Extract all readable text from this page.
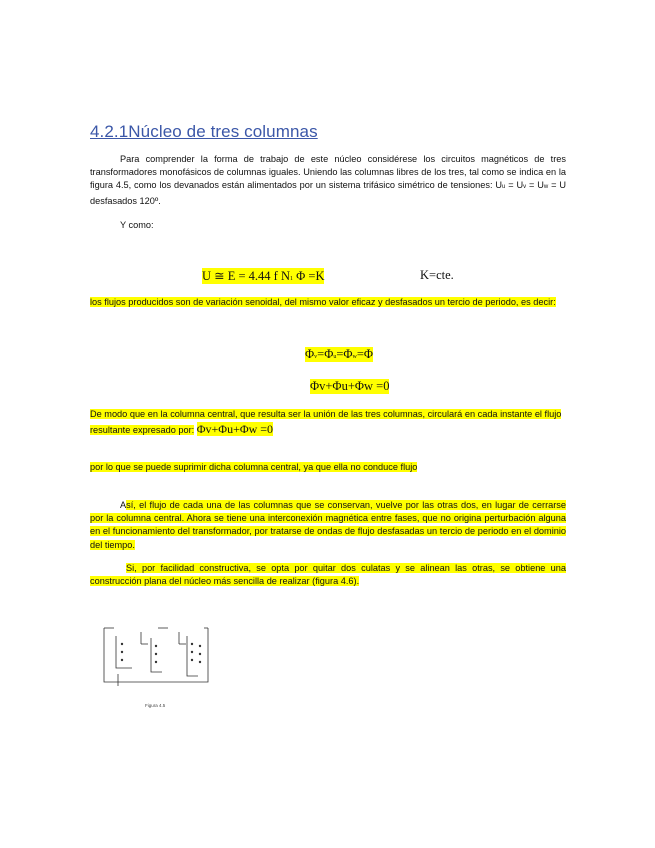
4.2.1Núcleo de tres columnas
Para comprender la forma de trabajo de este núcleo considérese los circuitos magnéticos de tres transformadores monofásicos de columnas iguales. Uniendo las columnas libres de los tres, tal como se indica en la figura 4.5, como los devanados están alimentados por un sistema trifásico simétrico de tensiones: Uu = Uv = Uw = U desfasados 120º.
Y como:
U ≅ E = 4.44 f N1 Φ =K	K=cte.
los flujos producidos son de variación senoidal, del mismo valor eficaz y desfasados un tercio de periodo, es decir:
Φv=Φu=Φw=Φ
Φv+Φu+Φw =0
De modo que en la columna central, que resulta ser la unión de las tres columnas, circulará en cada instante el flujo resultante expresado por: Φv+Φu+Φw =0
por lo que se puede suprimir dicha columna central, ya que ella no conduce flujo
Así, el flujo de cada una de las columnas que se conservan, vuelve por las otras dos, en lugar de cerrarse por la columna central. Ahora se tiene una interconexión magnética entre fases, que no origina perturbación alguna en el funcionamiento del transformador, por tratarse de ondas de flujo desfasadas un tercio de periodo en el dominio del tiempo.
Si, por facilidad constructiva, se opta por quitar dos culatas y se alinean las otras, se obtiene una construcción plana del núcleo más sencilla de realizar (figura 4.6).
Figura 4.5
